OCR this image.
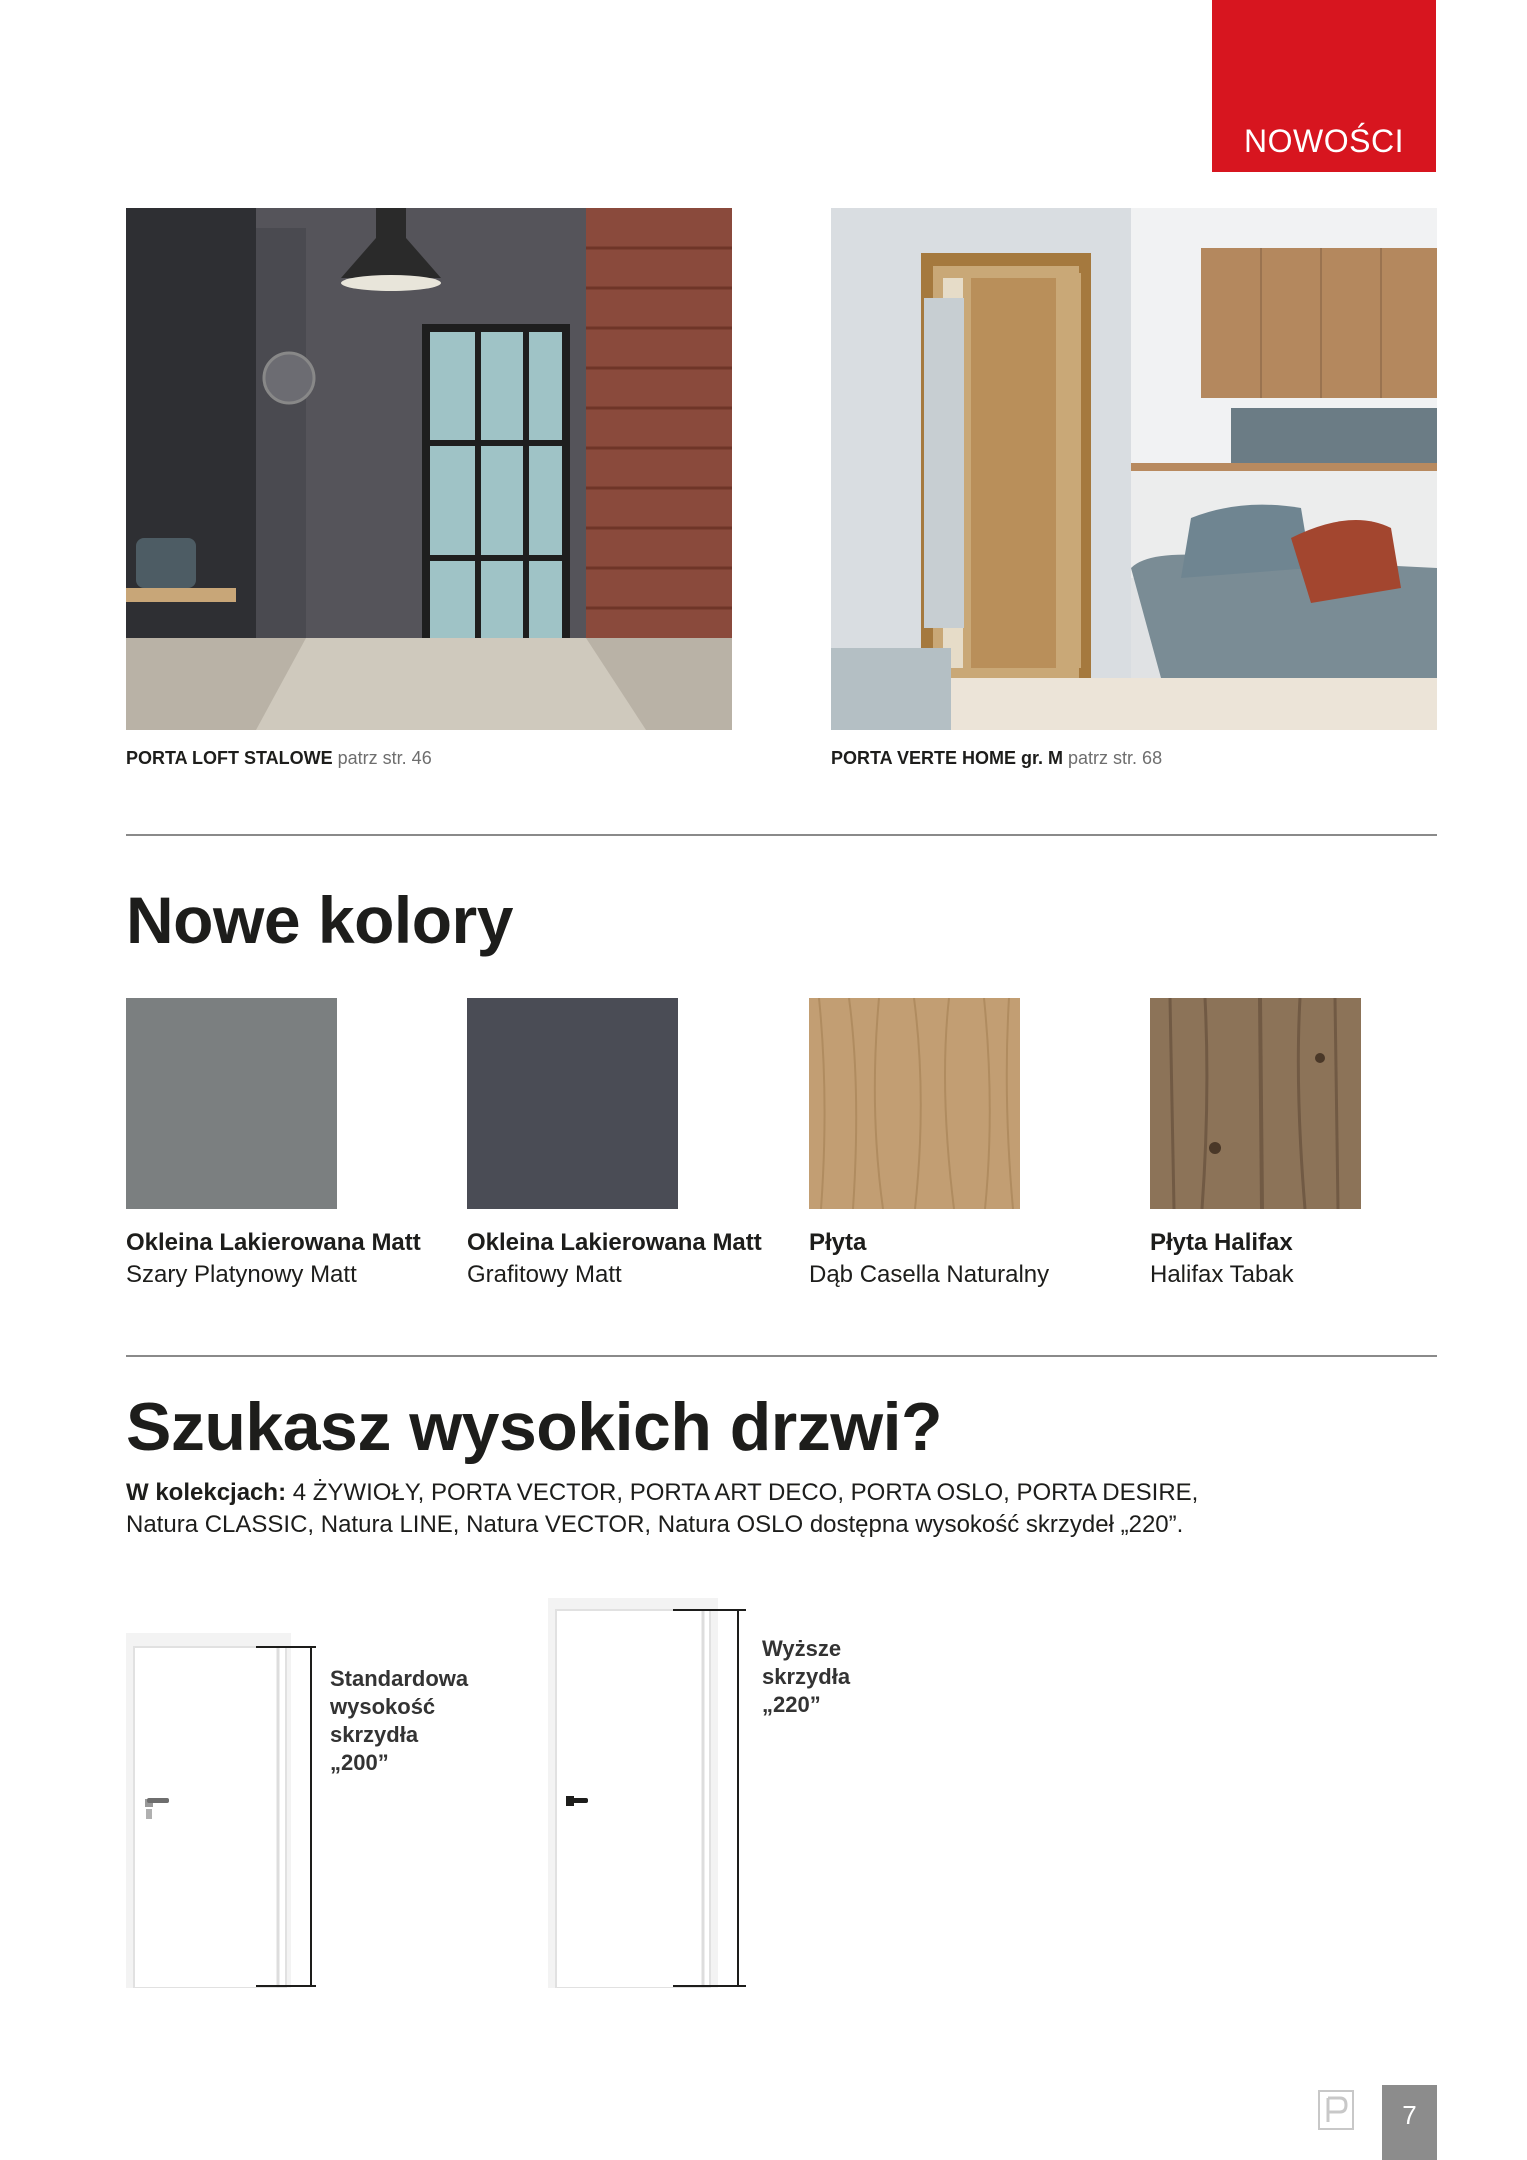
NOWOŚCI
PORTA LOFT STALOWE patrz str. 46	PORTA VERTE HOME gr. M patrz str. 68
Nowe kolory
Okleina Lakierowana Matt
Szary Platynowy Matt
Okleina Lakierowana Matt
Grafitowy Matt
Płyta
Dąb Casella Naturalny
Płyta Halifax
Halifax Tabak
Szukasz wysokich drzwi?
W kolekcjach: 4 ŻYWIOŁY, PORTA VECTOR, PORTA ART DECO, PORTA OSLO, PORTA DESIRE, Natura CLASSIC, Natura LINE, Natura VECTOR, Natura OSLO dostępna wysokość skrzydeł „220”.
Standardowa
wysokość
skrzydła
„200”
Wyższe
skrzydła
„220”
7
